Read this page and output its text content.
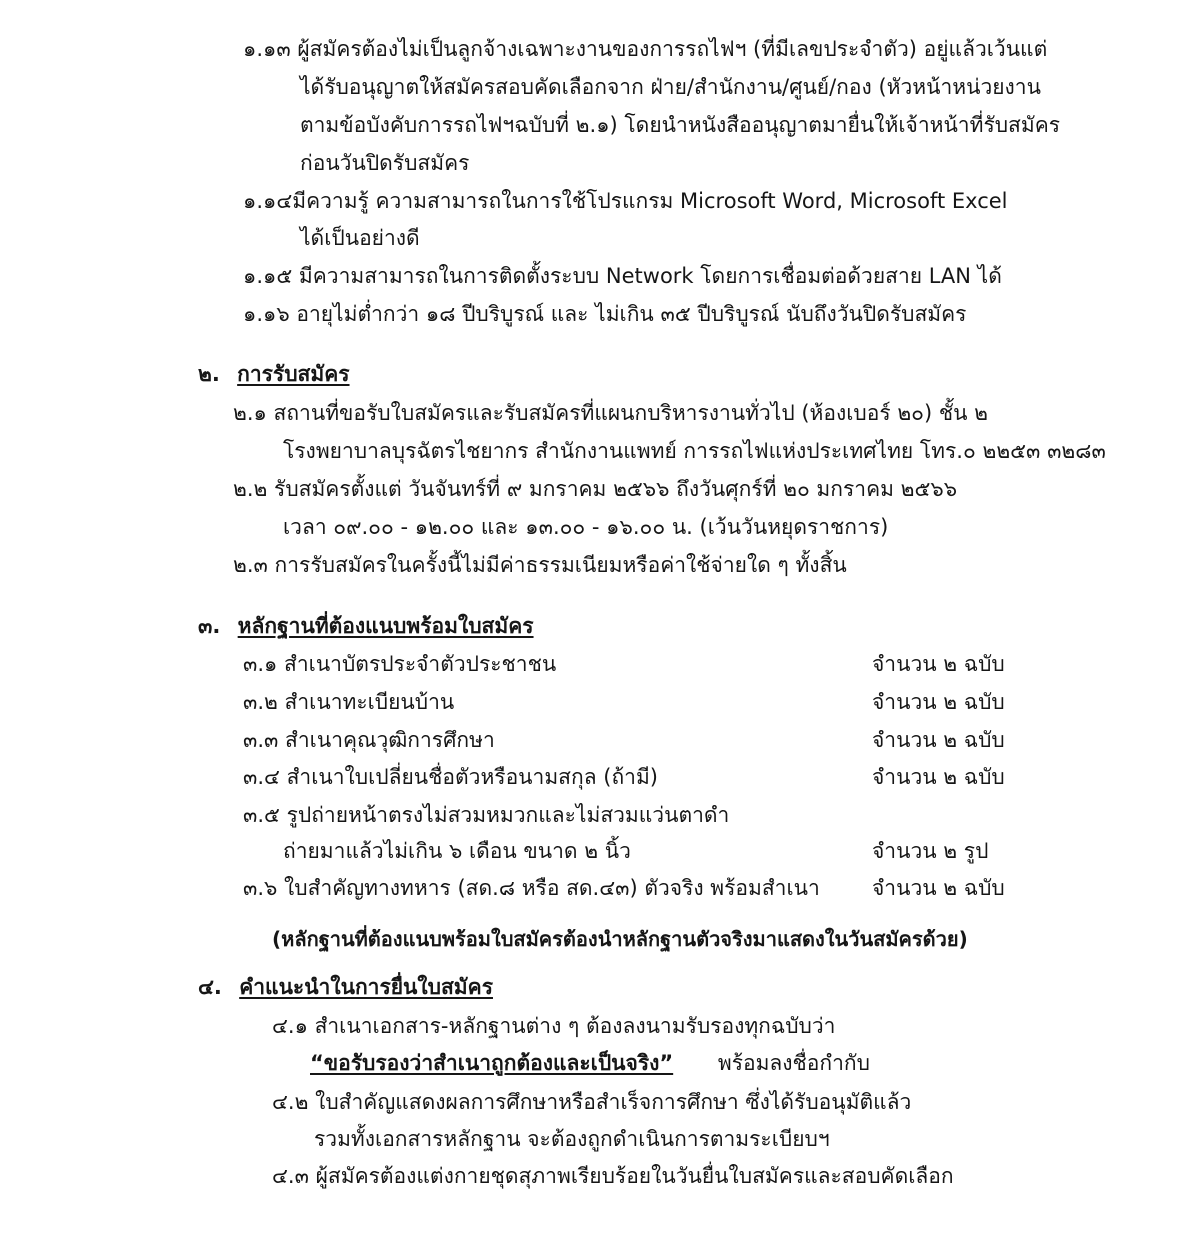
๑.๑๓ ผู้สมัครต้องไม่เป็นลูกจ้างเฉพาะงานของการรถไฟฯ (ที่มีเลขประจำตัว) อยู่แล้วเว้นแต่
ได้รับอนุญาตให้สมัครสอบคัดเลือกจาก ฝ่าย/สำนักงาน/ศูนย์/กอง (หัวหน้าหน่วยงาน
ตามข้อบังคับการรถไฟฯฉบับที่ ๒.๑) โดยนำหนังสืออนุญาตมายื่นให้เจ้าหน้าที่รับสมัคร
ก่อนวันปิดรับสมัคร
๑.๑๔มีความรู้ ความสามารถในการใช้โปรแกรม Microsoft Word, Microsoft Excel
ได้เป็นอย่างดี
๑.๑๕ มีความสามารถในการติดตั้งระบบ Network โดยการเชื่อมต่อด้วยสาย LAN ได้
๑.๑๖ อายุไม่ต่ำกว่า ๑๘ ปีบริบูรณ์ และ ไม่เกิน ๓๕ ปีบริบูรณ์ นับถึงวันปิดรับสมัคร
๒. การรับสมัคร
๒.๑ สถานที่ขอรับใบสมัครและรับสมัครที่แผนกบริหารงานทั่วไป (ห้องเบอร์ ๒๐) ชั้น ๒
โรงพยาบาลบุรฉัตรไชยากร สำนักงานแพทย์ การรถไฟแห่งประเทศไทย โทร.๐ ๒๒๕๓ ๓๒๘๓
๒.๒ รับสมัครตั้งแต่ วันจันทร์ที่ ๙ มกราคม ๒๕๖๖ ถึงวันศุกร์ที่ ๒๐ มกราคม ๒๕๖๖
เวลา ๐๙.๐๐ - ๑๒.๐๐ และ ๑๓.๐๐ - ๑๖.๐๐ น. (เว้นวันหยุดราชการ)
๒.๓ การรับสมัครในครั้งนี้ไม่มีค่าธรรมเนียมหรือค่าใช้จ่ายใด ๆ ทั้งสิ้น
๓. หลักฐานที่ต้องแนบพร้อมใบสมัคร
๓.๑ สำเนาบัตรประจำตัวประชาชน	จำนวน ๒ ฉบับ
๓.๒ สำเนาทะเบียนบ้าน	จำนวน ๒ ฉบับ
๓.๓ สำเนาคุณวุฒิการศึกษา	จำนวน ๒ ฉบับ
๓.๔ สำเนาใบเปลี่ยนชื่อตัวหรือนามสกุล (ถ้ามี)	จำนวน ๒ ฉบับ
๓.๕ รูปถ่ายหน้าตรงไม่สวมหมวกและไม่สวมแว่นตาดำ
ถ่ายมาแล้วไม่เกิน ๖ เดือน ขนาด ๒ นิ้ว	จำนวน ๒ รูป
๓.๖ ใบสำคัญทางทหาร (สด.๘ หรือ สด.๔๓) ตัวจริง พร้อมสำเนา จำนวน ๒ ฉบับ
(หลักฐานที่ต้องแนบพร้อมใบสมัครต้องนำหลักฐานตัวจริงมาแสดงในวันสมัครด้วย)
๔. คำแนะนำในการยื่นใบสมัคร
๔.๑ สำเนาเอกสาร-หลักฐานต่าง ๆ ต้องลงนามรับรองทุกฉบับว่า
“ขอรับรองว่าสำเนาถูกต้องและเป็นจริง” พร้อมลงชื่อกำกับ
๔.๒ ใบสำคัญแสดงผลการศึกษาหรือสำเร็จการศึกษา ซึ่งได้รับอนุมัติแล้ว
รวมทั้งเอกสารหลักฐาน จะต้องถูกดำเนินการตามระเบียบฯ
๔.๓ ผู้สมัครต้องแต่งกายชุดสุภาพเรียบร้อยในวันยื่นใบสมัครและสอบคัดเลือก
